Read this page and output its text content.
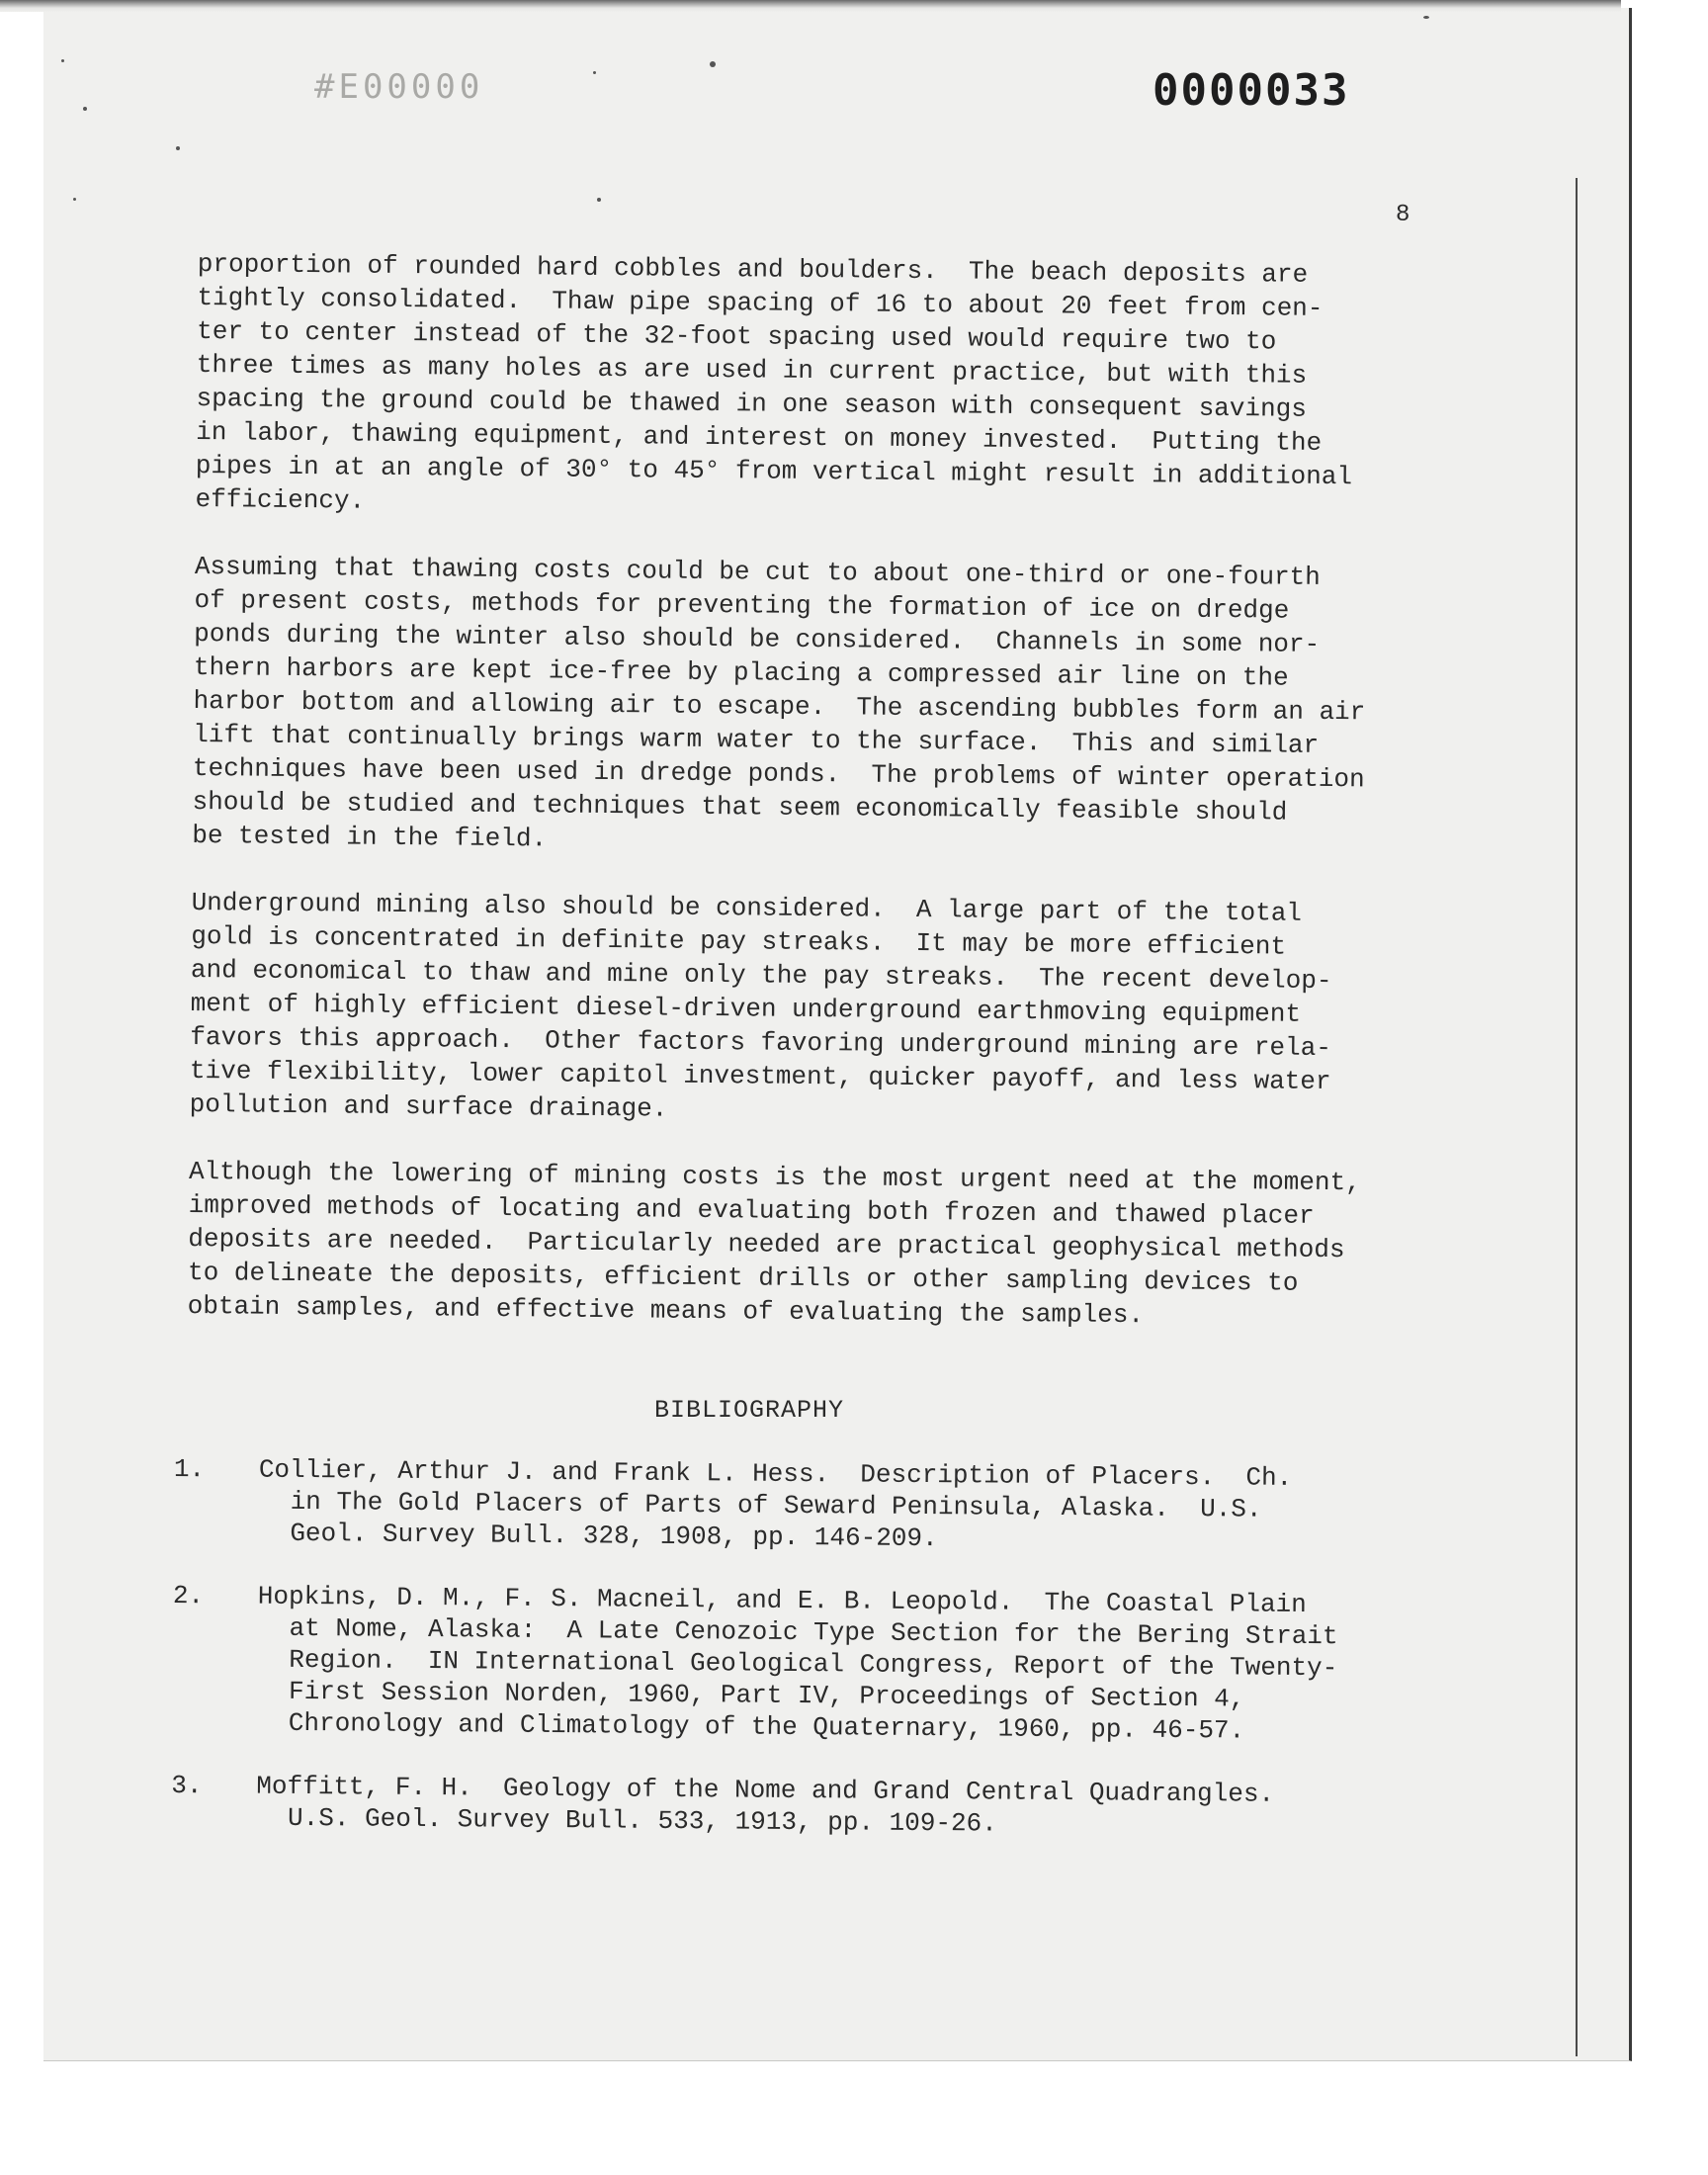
#E00000	0000033
8
proportion of rounded hard cobbles and boulders.  The beach deposits are
tightly consolidated.  Thaw pipe spacing of 16 to about 20 feet from cen-
ter to center instead of the 32-foot spacing used would require two to
three times as many holes as are used in current practice, but with this
spacing the ground could be thawed in one season with consequent savings
in labor, thawing equipment, and interest on money invested.  Putting the
pipes in at an angle of 30° to 45° from vertical might result in additional
efficiency.
Assuming that thawing costs could be cut to about one-third or one-fourth
of present costs, methods for preventing the formation of ice on dredge
ponds during the winter also should be considered.  Channels in some nor-
thern harbors are kept ice-free by placing a compressed air line on the
harbor bottom and allowing air to escape.  The ascending bubbles form an air
lift that continually brings warm water to the surface.  This and similar
techniques have been used in dredge ponds.  The problems of winter operation
should be studied and techniques that seem economically feasible should
be tested in the field.
Underground mining also should be considered.  A large part of the total
gold is concentrated in definite pay streaks.  It may be more efficient
and economical to thaw and mine only the pay streaks.  The recent develop-
ment of highly efficient diesel-driven underground earthmoving equipment
favors this approach.  Other factors favoring underground mining are rela-
tive flexibility, lower capitol investment, quicker payoff, and less water
pollution and surface drainage.
Although the lowering of mining costs is the most urgent need at the moment,
improved methods of locating and evaluating both frozen and thawed placer
deposits are needed.  Particularly needed are practical geophysical methods
to delineate the deposits, efficient drills or other sampling devices to
obtain samples, and effective means of evaluating the samples.
BIBLIOGRAPHY
1. Collier, Arthur J. and Frank L. Hess.  Description of Placers.  Ch.
in The Gold Placers of Parts of Seward Peninsula, Alaska.  U.S.
Geol. Survey Bull. 328, 1908, pp. 146-209.
2. Hopkins, D. M., F. S. Macneil, and E. B. Leopold.  The Coastal Plain
at Nome, Alaska:  A Late Cenozoic Type Section for the Bering Strait
Region.  IN International Geological Congress, Report of the Twenty-
First Session Norden, 1960, Part IV, Proceedings of Section 4,
Chronology and Climatology of the Quaternary, 1960, pp. 46-57.
3. Moffitt, F. H.  Geology of the Nome and Grand Central Quadrangles.
U.S. Geol. Survey Bull. 533, 1913, pp. 109-26.
